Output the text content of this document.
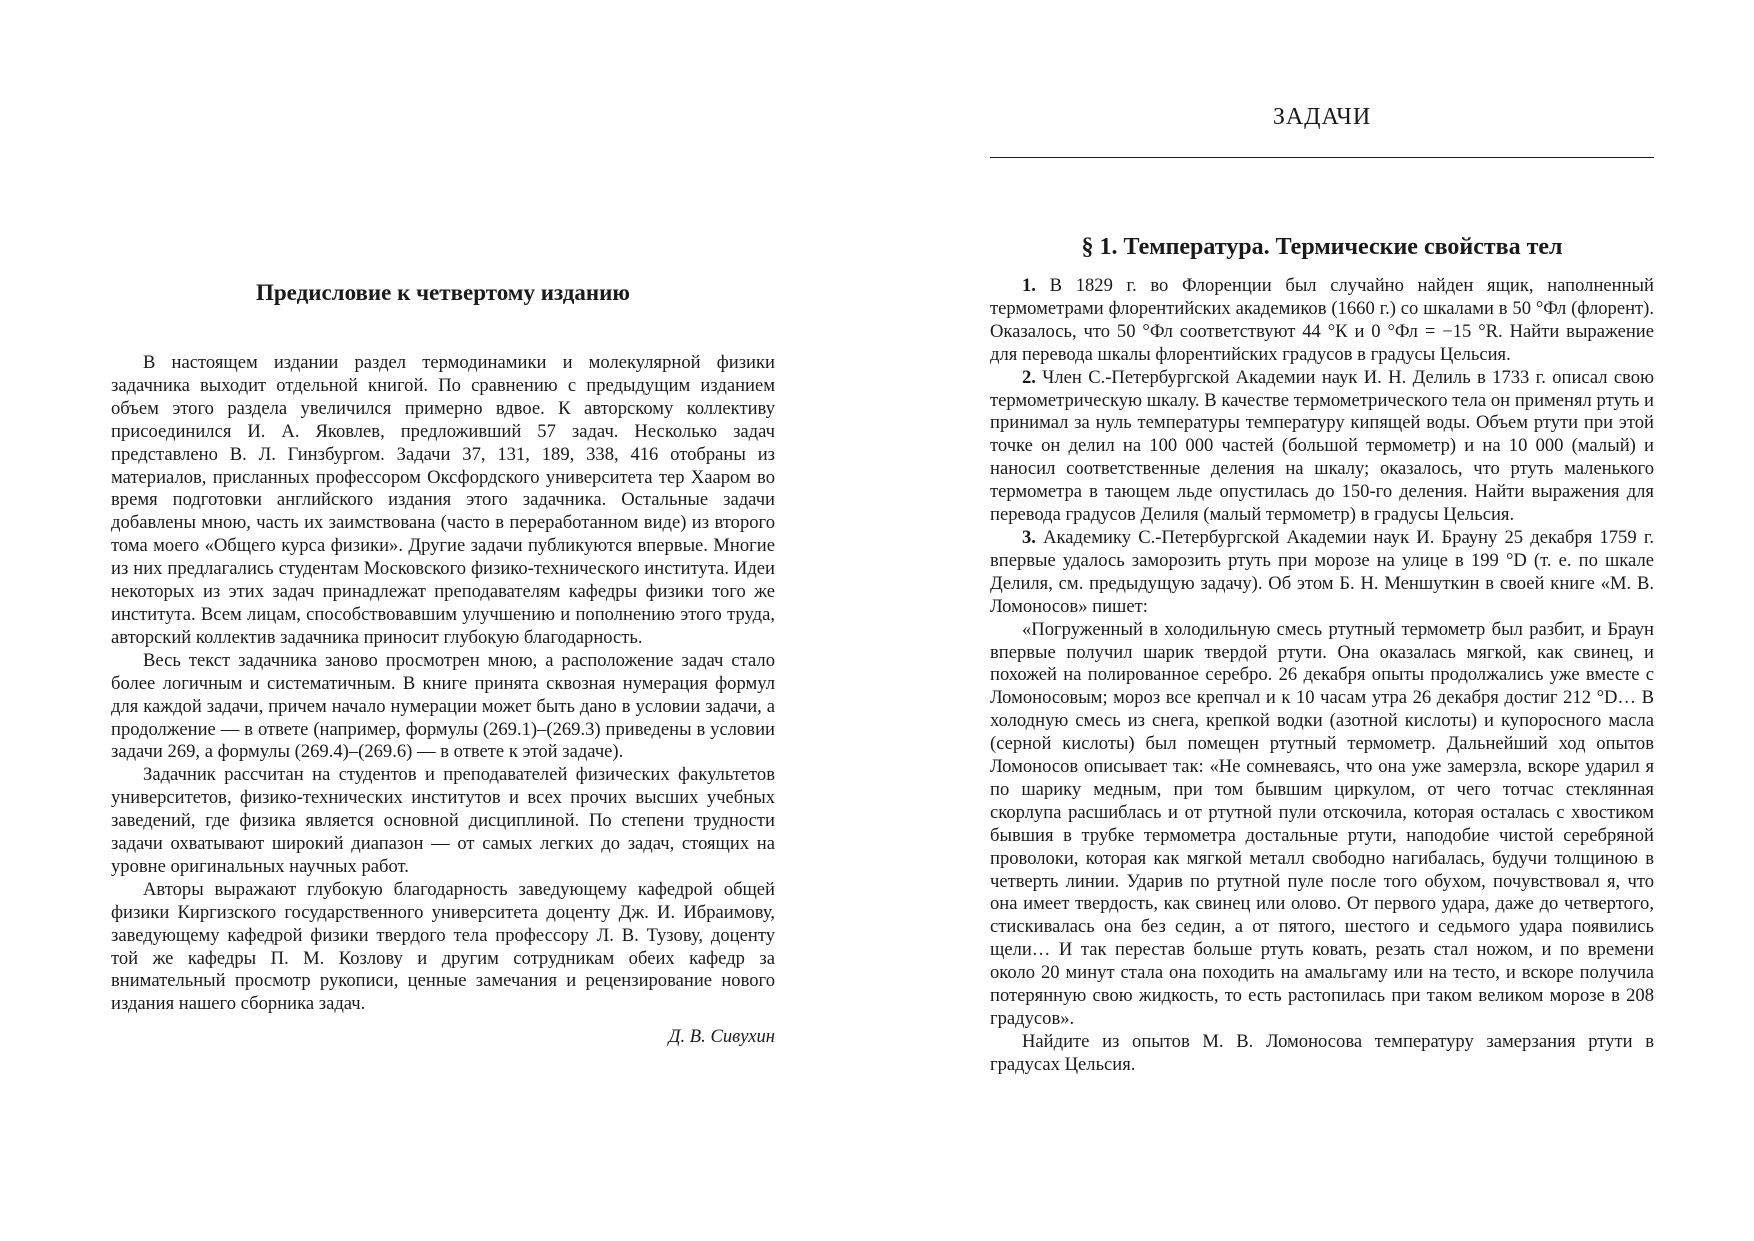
Предисловие к четвертому изданию

В настоящем издании раздел термодинамики и молекулярной физики задачника выходит отдельной книгой. По сравнению с предыдущим изданием объем этого раздела увеличился примерно вдвое. К авторскому коллективу присоединился И. А. Яковлев, предложивший 57 задач. Несколько задач представлено В. Л. Гинзбургом. Задачи 37, 131, 189, 338, 416 отобраны из материалов, присланных профессором Оксфордского университета тер Хааром во время подготовки английского издания этого задачника. Остальные задачи добавлены мною, часть их заимствована (часто в переработанном виде) из второго тома моего «Общего курса физики». Другие задачи публикуются впервые. Многие из них предлагались студентам Московского физико-технического института. Идеи некоторых из этих задач принадлежат преподавателям кафедры физики того же института. Всем лицам, способствовавшим улучшению и пополнению этого труда, авторский коллектив задачника приносит глубокую благодарность.

Весь текст задачника заново просмотрен мною, а расположение задач стало более логичным и систематичным. В книге принята сквозная нумерация формул для каждой задачи, причем начало нумерации может быть дано в условии задачи, а продолжение — в ответе (например, формулы (269.1)–(269.3) приведены в условии задачи 269, а формулы (269.4)–(269.6) — в ответе к этой задаче).

Задачник рассчитан на студентов и преподавателей физических факультетов университетов, физико-технических институтов и всех прочих высших учебных заведений, где физика является основной дисциплиной. По степени трудности задачи охватывают широкий диапазон — от самых легких до задач, стоящих на уровне оригинальных научных работ.

Авторы выражают глубокую благодарность заведующему кафедрой общей физики Киргизского государственного университета доценту Дж. И. Ибраимову, заведующему кафедрой физики твердого тела профессору Л. В. Тузову, доценту той же кафедры П. М. Козлову и другим сотрудникам обеих кафедр за внимательный просмотр рукописи, ценные замечания и рецензирование нового издания нашего сборника задач.

Д. В. Сивухин

ЗАДАЧИ
§ 1. Температура. Термические свойства тел

1. В 1829 г. во Флоренции был случайно найден ящик, наполненный термометрами флорентийских академиков (1660 г.) со шкалами в 50 °Фл (флорент). Оказалось, что 50 °Фл соответствуют 44 °К и 0 °Фл = −15 °R. Найти выражение для перевода шкалы флорентийских градусов в градусы Цельсия.

2. Член С.-Петербургской Академии наук И. Н. Делиль в 1733 г. описал свою термометрическую шкалу. В качестве термометрического тела он применял ртуть и принимал за нуль температуры температуру кипящей воды. Объем ртути при этой точке он делил на 100 000 частей (большой термометр) и на 10 000 (малый) и наносил соответственные деления на шкалу; оказалось, что ртуть маленького термометра в тающем льде опустилась до 150-го деления. Найти выражения для перевода градусов Делиля (малый термометр) в градусы Цельсия.

3. Академику С.-Петербургской Академии наук И. Брауну 25 декабря 1759 г. впервые удалось заморозить ртуть при морозе на улице в 199 °D (т. е. по шкале Делиля, см. предыдущую задачу). Об этом Б. Н. Меншуткин в своей книге «М. В. Ломоносов» пишет:

«Погруженный в холодильную смесь ртутный термометр был разбит, и Браун впервые получил шарик твердой ртути. Она оказалась мягкой, как свинец, и похожей на полированное серебро. 26 декабря опыты продолжались уже вместе с Ломоносовым; мороз все крепчал и к 10 часам утра 26 декабря достиг 212 °D… В холодную смесь из снега, крепкой водки (азотной кислоты) и купоросного масла (серной кислоты) был помещен ртутный термометр. Дальнейший ход опытов Ломоносов описывает так: «Не сомневаясь, что она уже замерзла, вскоре ударил я по шарику медным, при том бывшим циркулом, от чего тотчас стеклянная скорлупа расшиблась и от ртутной пули отскочила, которая осталась с хвостиком бывшия в трубке термометра достальные ртути, наподобие чистой серебряной проволоки, которая как мягкой металл свободно нагибалась, будучи толщиною в четверть линии. Ударив по ртутной пуле после того обухом, почувствовал я, что она имеет твердость, как свинец или олово. От первого удара, даже до четвертого, стискивалась она без седин, а от пятого, шестого и седьмого удара появились щели… И так перестав больше ртуть ковать, резать стал ножом, и по времени около 20 минут стала она походить на амальгаму или на тесто, и вскоре получила потерянную свою жидкость, то есть растопилась при таком великом морозе в 208 градусов».

Найдите из опытов М. В. Ломоносова температуру замерзания ртути в градусах Цельсия.
